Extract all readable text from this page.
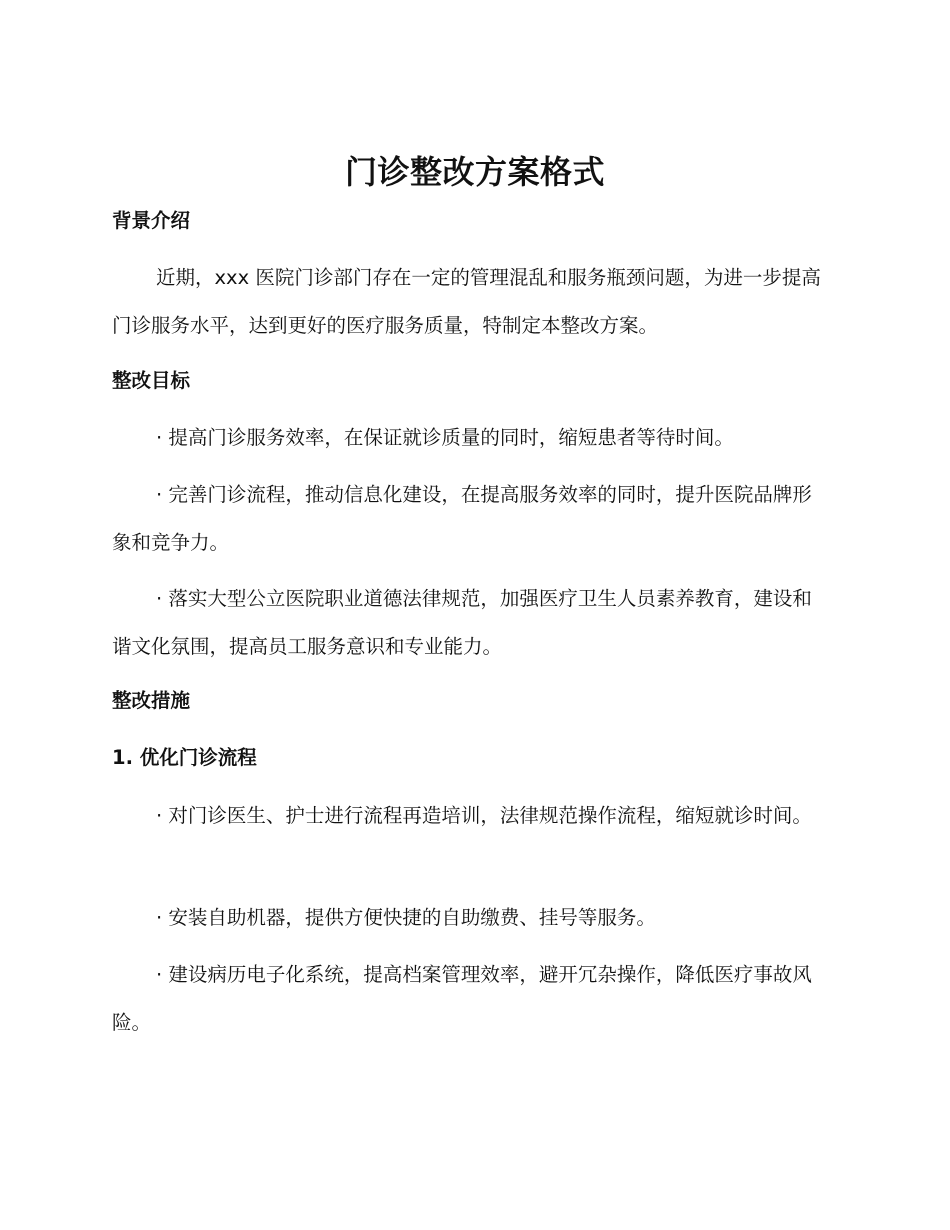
门诊整改方案格式
背景介绍

近期，xxx 医院门诊部门存在一定的管理混乱和服务瓶颈问题，为进一步提高门诊服务水平，达到更好的医疗服务质量，特制定本整改方案。

整改目标

· 提高门诊服务效率，在保证就诊质量的同时，缩短患者等待时间。

· 完善门诊流程，推动信息化建设，在提高服务效率的同时，提升医院品牌形象和竞争力。

· 落实大型公立医院职业道德法律规范，加强医疗卫生人员素养教育，建设和谐文化氛围，提高员工服务意识和专业能力。

整改措施
1. 优化门诊流程

· 对门诊医生、护士进行流程再造培训，法律规范操作流程，缩短就诊时间。

· 安装自助机器，提供方便快捷的自助缴费、挂号等服务。

· 建设病历电子化系统，提高档案管理效率，避开冗杂操作，降低医疗事故风险。
